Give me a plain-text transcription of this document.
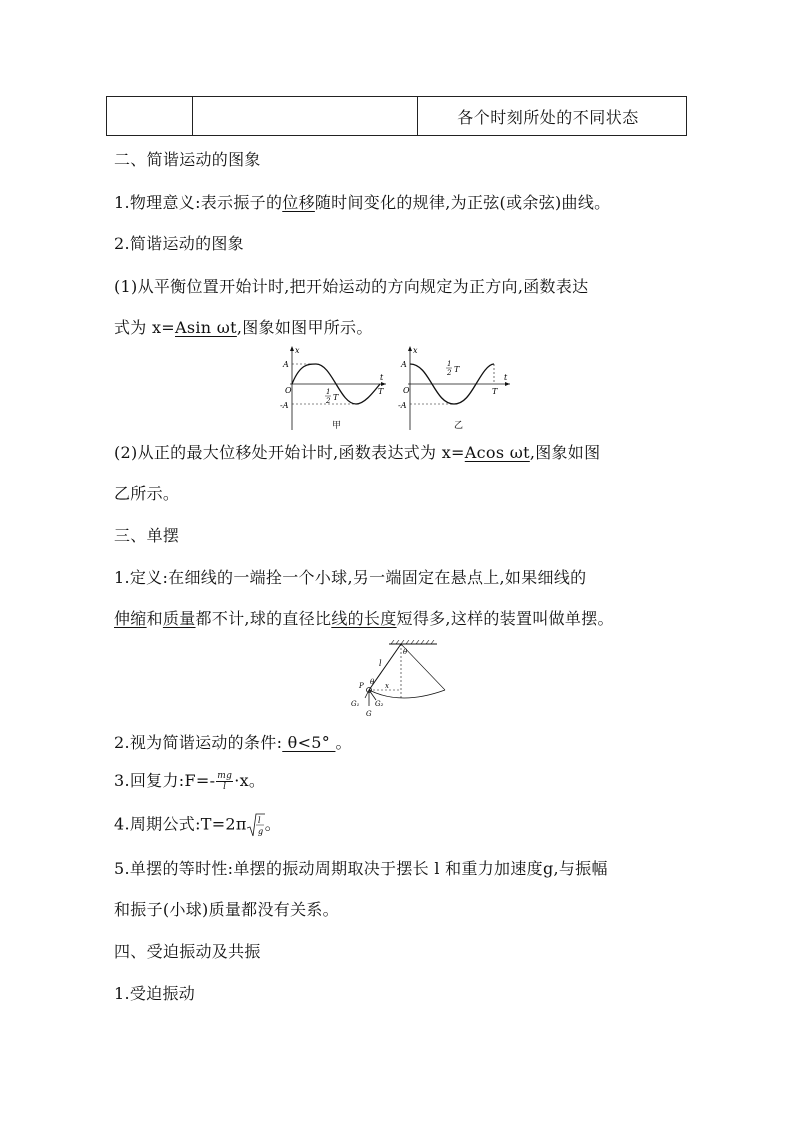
各个时刻所处的不同状态
二、简谐运动的图象
1.物理意义:表示振子的位移随时间变化的规律,为正弦(或余弦)曲线。
2.简谐运动的图象
(1)从平衡位置开始计时,把开始运动的方向规定为正方向,函数表达
式为 x=Asin ωt,图象如图甲所示。
x
t
A
-A
O	T
1
2 T
甲
x
t
A
-A
O	T
1
2 T
乙
(2)从正的最大位移处开始计时,函数表达式为 x=Acos ωt,图象如图
乙所示。
三、单摆
1.定义:在细线的一端拴一个小球,另一端固定在悬点上,如果细线的
伸缩和质量都不计,球的直径比线的长度短得多,这样的装置叫做单摆。
θ
l
θ
P	x
G₁ G₂
G
2.视为简谐运动的条件: θ<5° 。
3.回复力:F=- $\frac{mg}{l} \cdot x$。
4.周期公式:T=2π l
g 。
5.单摆的等时性:单摆的振动周期取决于摆长 l 和重力加速度g,与振幅
和振子(小球)质量都没有关系。
四、受迫振动及共振
1.受迫振动
